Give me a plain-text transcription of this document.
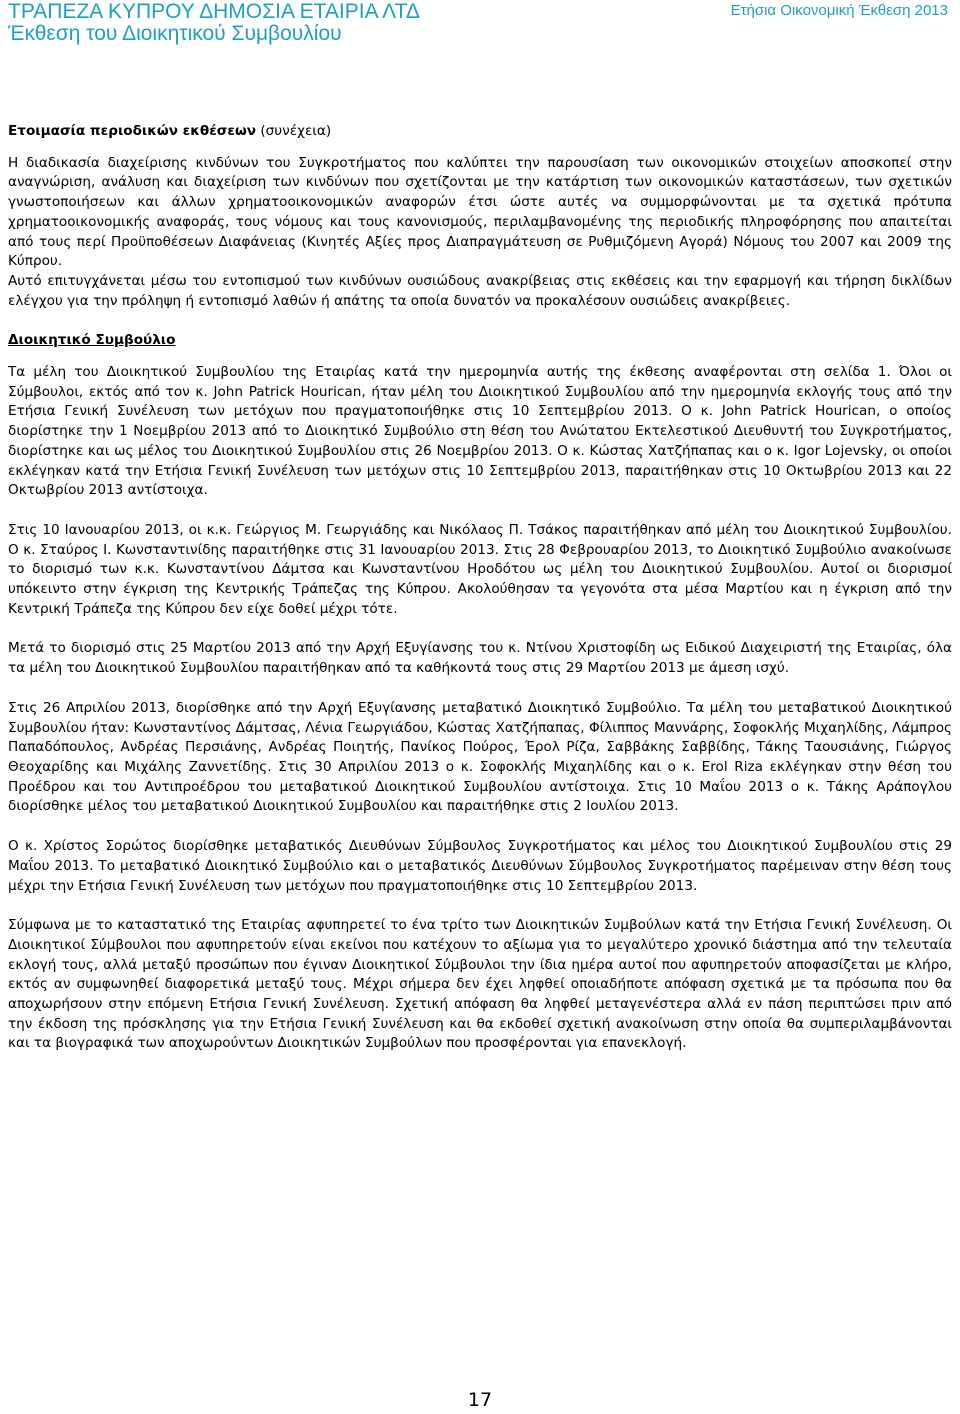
ΤΡΑΠΕΖΑ ΚΥΠΡΟΥ ΔΗΜΟΣΙΑ ΕΤΑΙΡΙΑ ΛΤΔ
Έκθεση του Διοικητικού Συμβουλίου
Ετήσια Οικονομική Έκθεση 2013

Ετοιμασία περιοδικών εκθέσεων (συνέχεια)

Η διαδικασία διαχείρισης κινδύνων του Συγκροτήματος που καλύπτει την παρουσίαση των οικονομικών στοιχείων αποσκοπεί στην αναγνώριση, ανάλυση και διαχείριση των κινδύνων που σχετίζονται με την κατάρτιση των οικονομικών καταστάσεων, των σχετικών γνωστοποιήσεων και άλλων χρηματοοικονομικών αναφορών έτσι ώστε αυτές να συμμορφώνονται με τα σχετικά πρότυπα χρηματοοικονομικής αναφοράς, τους νόμους και τους κανονισμούς, περιλαμβανομένης της περιοδικής πληροφόρησης που απαιτείται από τους περί Προϋποθέσεων Διαφάνειας (Κινητές Αξίες προς Διαπραγμάτευση σε Ρυθμιζόμενη Αγορά) Νόμους του 2007 και 2009 της Κύπρου.

Αυτό επιτυγχάνεται μέσω του εντοπισμού των κινδύνων ουσιώδους ανακρίβειας στις εκθέσεις και την εφαρμογή και τήρηση δικλίδων ελέγχου για την πρόληψη ή εντοπισμό λαθών ή απάτης τα οποία δυνατόν να προκαλέσουν ουσιώδεις ανακρίβειες.

Διοικητικό Συμβούλιο

Τα μέλη του Διοικητικού Συμβουλίου της Εταιρίας κατά την ημερομηνία αυτής της έκθεσης αναφέρονται στη σελίδα 1. Όλοι οι Σύμβουλοι, εκτός από τον κ. John Patrick Hourican, ήταν μέλη του Διοικητικού Συμβουλίου από την ημερομηνία εκλογής τους από την Ετήσια Γενική Συνέλευση των μετόχων που πραγματοποιήθηκε στις 10 Σεπτεμβρίου 2013. Ο κ. John Patrick Hourican, ο οποίος διορίστηκε την 1 Νοεμβρίου 2013 από το Διοικητικό Συμβούλιο στη θέση του Ανώτατου Εκτελεστικού Διευθυντή του Συγκροτήματος, διορίστηκε και ως μέλος του Διοικητικού Συμβουλίου στις 26 Νοεμβρίου 2013. Ο κ. Κώστας Χατζήπαπας και ο κ. Igor Lojevsky, οι οποίοι εκλέγηκαν κατά την Ετήσια Γενική Συνέλευση των μετόχων στις 10 Σεπτεμβρίου 2013, παραιτήθηκαν στις 10 Οκτωβρίου 2013 και 22 Οκτωβρίου 2013 αντίστοιχα.

Στις 10 Ιανουαρίου 2013, οι κ.κ. Γεώργιος Μ. Γεωργιάδης και Νικόλαος Π. Τσάκος παραιτήθηκαν από μέλη του Διοικητικού Συμβουλίου. Ο κ. Σταύρος Ι. Κωνσταντινίδης παραιτήθηκε στις 31 Ιανουαρίου 2013. Στις 28 Φεβρουαρίου 2013, το Διοικητικό Συμβούλιο ανακοίνωσε το διορισμό των κ.κ. Κωνσταντίνου Δάμτσα και Κωνσταντίνου Ηροδότου ως μέλη του Διοικητικού Συμβουλίου. Αυτοί οι διορισμοί υπόκειντο στην έγκριση της Κεντρικής Τράπεζας της Κύπρου. Ακολούθησαν τα γεγονότα στα μέσα Μαρτίου και η έγκριση από την Κεντρική Τράπεζα της Κύπρου δεν είχε δοθεί μέχρι τότε.

Μετά το διορισμό στις 25 Μαρτίου 2013 από την Αρχή Εξυγίανσης του κ. Ντίνου Χριστοφίδη ως Ειδικού Διαχειριστή της Εταιρίας, όλα τα μέλη του Διοικητικού Συμβουλίου παραιτήθηκαν από τα καθήκοντά τους στις 29 Μαρτίου 2013 με άμεση ισχύ.

Στις 26 Απριλίου 2013, διορίσθηκε από την Αρχή Εξυγίανσης μεταβατικό Διοικητικό Συμβούλιο. Τα μέλη του μεταβατικού Διοικητικού Συμβουλίου ήταν: Κωνσταντίνος Δάμτσας, Λένια Γεωργιάδου, Κώστας Χατζήπαπας, Φίλιππος Μαννάρης, Σοφοκλής Μιχαηλίδης, Λάμπρος Παπαδόπουλος, Ανδρέας Περσιάνης, Ανδρέας Ποιητής, Πανίκος Πούρος, Έρολ Ρίζα, Σαββάκης Σαββίδης, Τάκης Ταουσιάνης, Γιώργος Θεοχαρίδης και Μιχάλης Ζαννετίδης. Στις 30 Απριλίου 2013 ο κ. Σοφοκλής Μιχαηλίδης και ο κ. Erol Riza εκλέγηκαν στην θέση του Προέδρου και του Αντιπροέδρου του μεταβατικού Διοικητικού Συμβουλίου αντίστοιχα. Στις 10 Μαΐου 2013 ο κ. Τάκης Αράπογλου διορίσθηκε μέλος του μεταβατικού Διοικητικού Συμβουλίου και παραιτήθηκε στις 2 Ιουλίου 2013.

Ο κ. Χρίστος Σορώτος διορίσθηκε μεταβατικός Διευθύνων Σύμβουλος Συγκροτήματος και μέλος του Διοικητικού Συμβουλίου στις 29 Μαΐου 2013. Το μεταβατικό Διοικητικό Συμβούλιο και ο μεταβατικός Διευθύνων Σύμβουλος Συγκροτήματος παρέμειναν στην θέση τους μέχρι την Ετήσια Γενική Συνέλευση των μετόχων που πραγματοποιήθηκε στις 10 Σεπτεμβρίου 2013.

Σύμφωνα με το καταστατικό της Εταιρίας αφυπηρετεί το ένα τρίτο των Διοικητικών Συμβούλων κατά την Ετήσια Γενική Συνέλευση. Οι Διοικητικοί Σύμβουλοι που αφυπηρετούν είναι εκείνοι που κατέχουν το αξίωμα για το μεγαλύτερο χρονικό διάστημα από την τελευταία εκλογή τους, αλλά μεταξύ προσώπων που έγιναν Διοικητικοί Σύμβουλοι την ίδια ημέρα αυτοί που αφυπηρετούν αποφασίζεται με κλήρο, εκτός αν συμφωνηθεί διαφορετικά μεταξύ τους. Μέχρι σήμερα δεν έχει ληφθεί οποιαδήποτε απόφαση σχετικά με τα πρόσωπα που θα αποχωρήσουν στην επόμενη Ετήσια Γενική Συνέλευση. Σχετική απόφαση θα ληφθεί μεταγενέστερα αλλά εν πάση περιπτώσει πριν από την έκδοση της πρόσκλησης για την Ετήσια Γενική Συνέλευση και θα εκδοθεί σχετική ανακοίνωση στην οποία θα συμπεριλαμβάνονται και τα βιογραφικά των αποχωρούντων Διοικητικών Συμβούλων που προσφέρονται για επανεκλογή.

17
